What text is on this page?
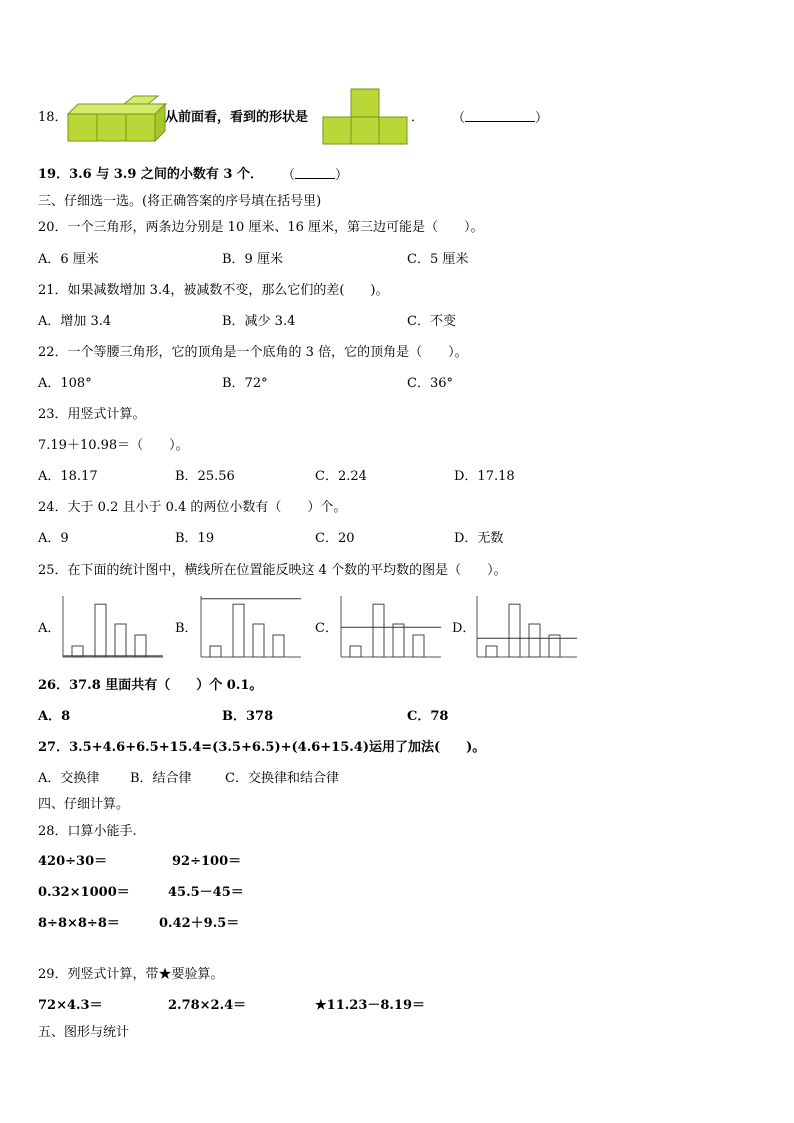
18．	从前面看，看到的形状是	． （	）
19．3.6 与 3.9 之间的小数有 3 个． （	）
三、仔细选一选。(将正确答案的序号填在括号里)
20．一个三角形，两条边分别是 10 厘米、16 厘米，第三边可能是（　　）。
A．6 厘米	B．9 厘米	C．5 厘米
21．如果减数增加 3.4，被减数不变，那么它们的差(　　)。
A．增加 3.4	B．减少 3.4	C．不变
22．一个等腰三角形，它的顶角是一个底角的 3 倍，它的顶角是（　　）。
A．108°	B．72°	C．36°
23．用竖式计算。
7.19＋10.98＝（　　）。
A．18.17	B．25.56	C．2.24	D．17.18
24．大于 0.2 且小于 0.4 的两位小数有（　　）个。
A．9	B．19	C．20	D．无数
25．在下面的统计图中，横线所在位置能反映这 4 个数的平均数的图是（　　）。
A．	B．	C．	D．
26．37.8 里面共有（　　）个 0.1。
A．8	B．378	C．78
27．3.5+4.6+6.5+15.4=(3.5+6.5)+(4.6+15.4)运用了加法(　　)。
A．交换律 B．结合律	C．交换律和结合律
四、仔细计算。
28．口算小能手.
420÷30＝	92÷100＝
0.32×1000＝	45.5－45＝
8÷8×8÷8＝	0.42＋9.5＝
29．列竖式计算，带★要验算。
72×4.3＝	2.78×2.4＝	★11.23－8.19＝
五、图形与统计
